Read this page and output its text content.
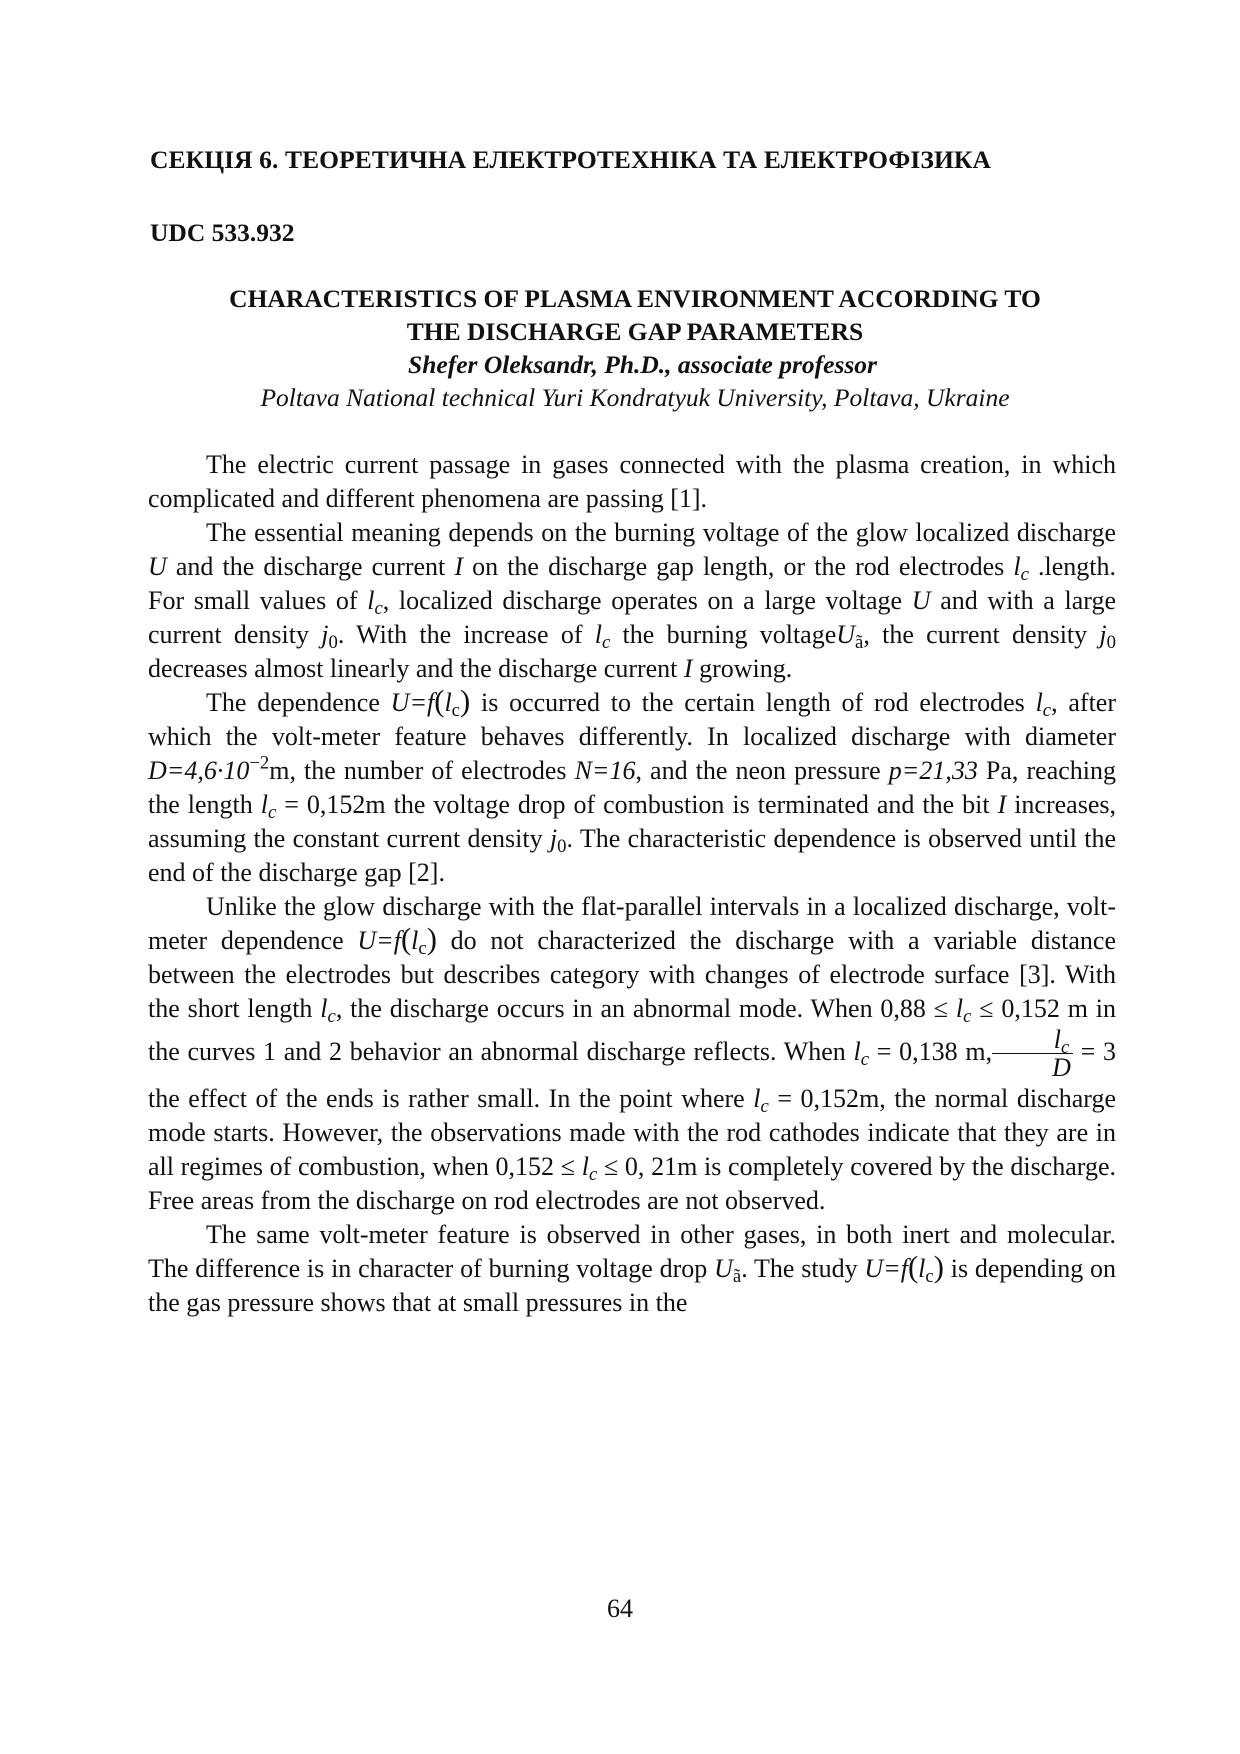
СЕКЦІЯ 6. ТЕОРЕТИЧНА ЕЛЕКТРОТЕХНІКА ТА ЕЛЕКТРОФІЗИКА

UDC 533.932

CHARACTERISTICS OF PLASMA ENVIRONMENT ACCORDING TO
THE DISCHARGE GAP PARAMETERS

Shefer Oleksandr, Ph.D., associate professor

Poltava National technical Yuri Kondratyuk University, Poltava, Ukraine

The electric current passage in gases connected with the plasma creation, in which complicated and different phenomena are passing [1].

The essential meaning depends on the burning voltage of the glow localized discharge U and the discharge current I on the discharge gap length, or the rod electrodes $l_c$ .length. For small values of $l_c$, localized discharge operates on a large voltage U and with a large current density $j_0$. With the increase of $l_c$ the burning voltageU$_ã$, the current density $j_0$ decreases almost linearly and the discharge current I growing.

The dependence $U=f(l_c)$ is occurred to the certain length of rod electrodes $l_c$, after which the volt-meter feature behaves differently. In localized discharge with diameter $D=4,6\cdot 10^{-2}m$, the number of electrodes N=16, and the neon pressure p=21,33 Pa, reaching the length $l_c = 0,152m$ the voltage drop of combustion is terminated and the bit I increases, assuming the constant current density $j_0$. The characteristic dependence is observed until the end of the discharge gap [2].

Unlike the glow discharge with the flat-parallel intervals in a localized discharge, volt-meter dependence $U=f(l_c)$ do not characterized the discharge with a variable distance between the electrodes but describes category with changes of electrode surface [3]. With the short length $l_c$, the discharge occurs in an abnormal mode. When $0,88 \le l_c \le 0,152$ m in the curves 1 and 2 behavior an abnormal discharge reflects. When $l_c = 0,138$ m, $\frac{l_c}{D} = 3$ the effect of the ends is rather small. In the point where $l_c = 0,152m$, the normal discharge mode starts. However, the observations made with the rod cathodes indicate that they are in all regimes of combustion, when $0,152 \le l_c \le 0$, 21m is completely covered by the discharge. Free areas from the discharge on rod electrodes are not observed.

The same volt-meter feature is observed in other gases, in both inert and molecular. The difference is in character of burning voltage drop $U_ã$. The study $U=f(l_c)$ is depending on the gas pressure shows that at small pressures in the

64
